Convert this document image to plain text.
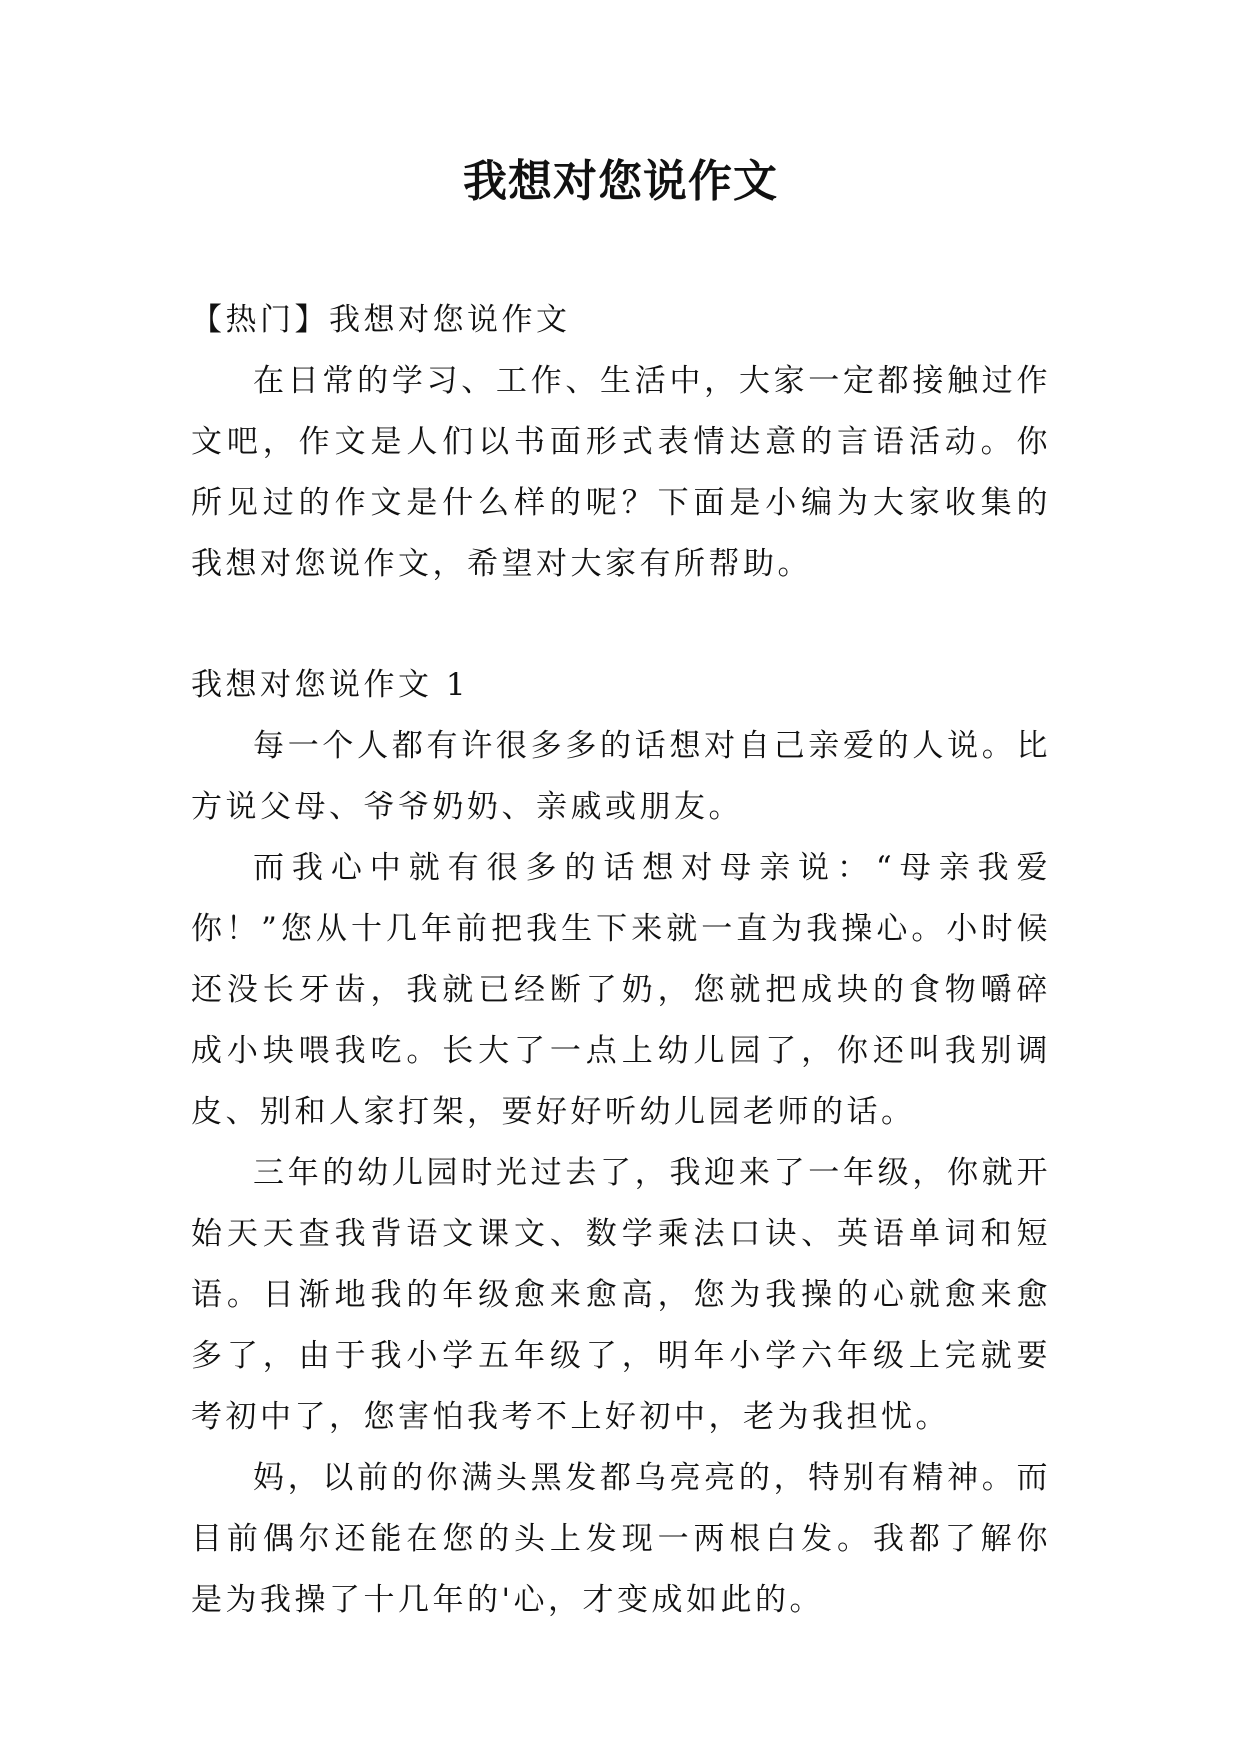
我想对您说作文

【热门】我想对您说作文

在日常的学习、工作、生活中，大家一定都接触过作文吧，作文是人们以书面形式表情达意的言语活动。你所见过的作文是什么样的呢？下面是小编为大家收集的我想对您说作文，希望对大家有所帮助。

我想对您说作文 1

每一个人都有许很多多的话想对自己亲爱的人说。比方说父母、爷爷奶奶、亲戚或朋友。

而我心中就有很多的话想对母亲说：“母亲我爱你！”您从十几年前把我生下来就一直为我操心。小时候还没长牙齿，我就已经断了奶，您就把成块的食物嚼碎成小块喂我吃。长大了一点上幼儿园了，你还叫我别调皮、别和人家打架，要好好听幼儿园老师的话。

三年的幼儿园时光过去了，我迎来了一年级，你就开始天天查我背语文课文、数学乘法口诀、英语单词和短语。日渐地我的年级愈来愈高，您为我操的心就愈来愈多了，由于我小学五年级了，明年小学六年级上完就要考初中了，您害怕我考不上好初中，老为我担忧。

妈，以前的你满头黑发都乌亮亮的，特别有精神。而目前偶尔还能在您的头上发现一两根白发。我都了解你是为我操了十几年的'心，才变成如此的。
